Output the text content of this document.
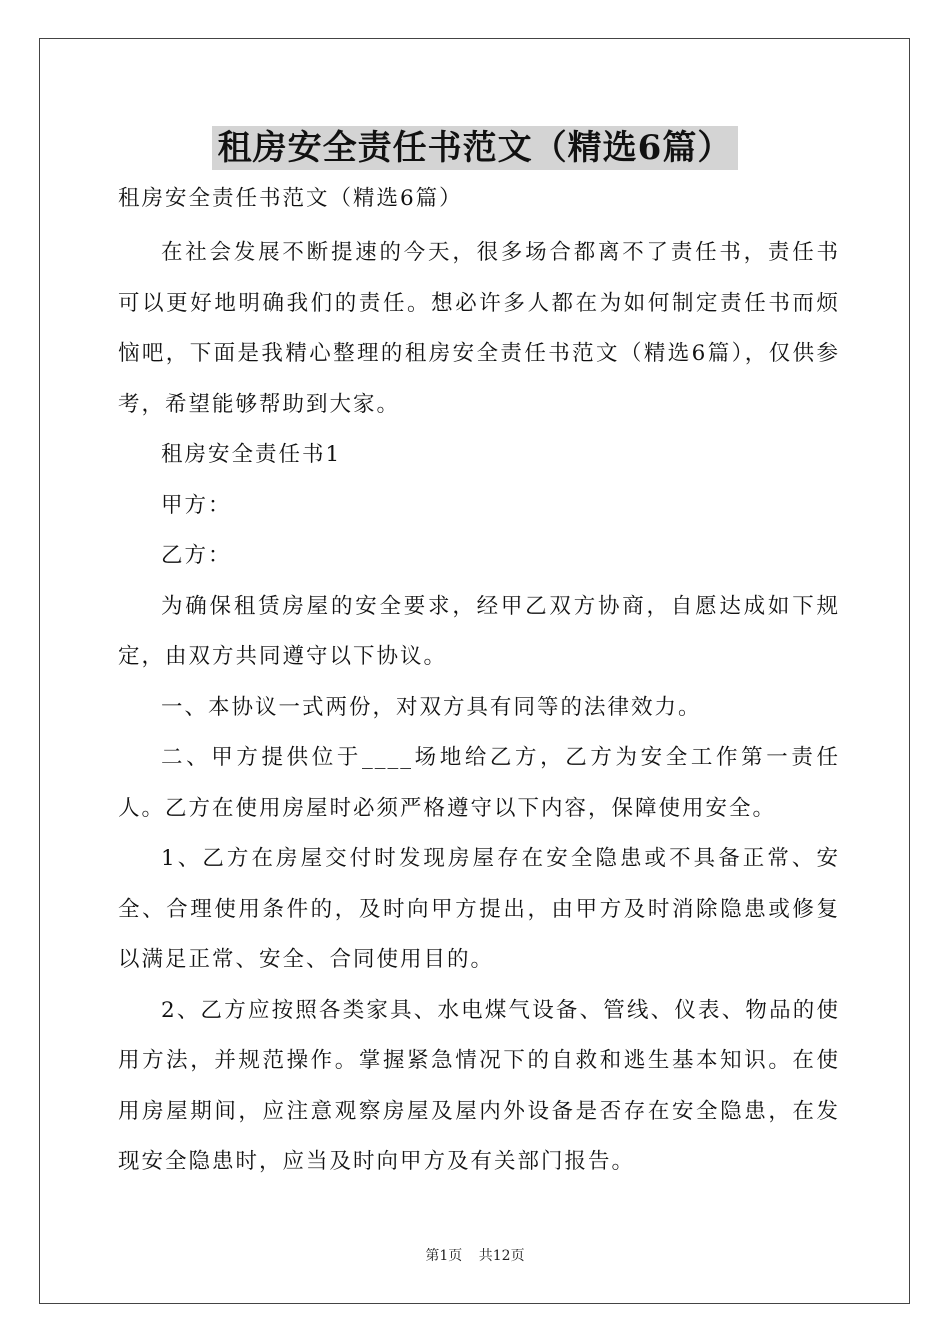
租房安全责任书范文（精选6篇）

租房安全责任书范文（精选6篇）

在社会发展不断提速的今天，很多场合都离不了责任书，责任书可以更好地明确我们的责任。想必许多人都在为如何制定责任书而烦恼吧，下面是我精心整理的租房安全责任书范文（精选6篇），仅供参考，希望能够帮助到大家。

租房安全责任书1

甲方：

乙方：

为确保租赁房屋的安全要求，经甲乙双方协商，自愿达成如下规定，由双方共同遵守以下协议。

一、本协议一式两份，对双方具有同等的法律效力。

二、甲方提供位于____场地给乙方，乙方为安全工作第一责任人。乙方在使用房屋时必须严格遵守以下内容，保障使用安全。

1、乙方在房屋交付时发现房屋存在安全隐患或不具备正常、安全、合理使用条件的，及时向甲方提出，由甲方及时消除隐患或修复以满足正常、安全、合同使用目的。

2、乙方应按照各类家具、水电煤气设备、管线、仪表、物品的使用方法，并规范操作。掌握紧急情况下的自救和逃生基本知识。在使用房屋期间，应注意观察房屋及屋内外设备是否存在安全隐患，在发现安全隐患时，应当及时向甲方及有关部门报告。

第1页 共12页
